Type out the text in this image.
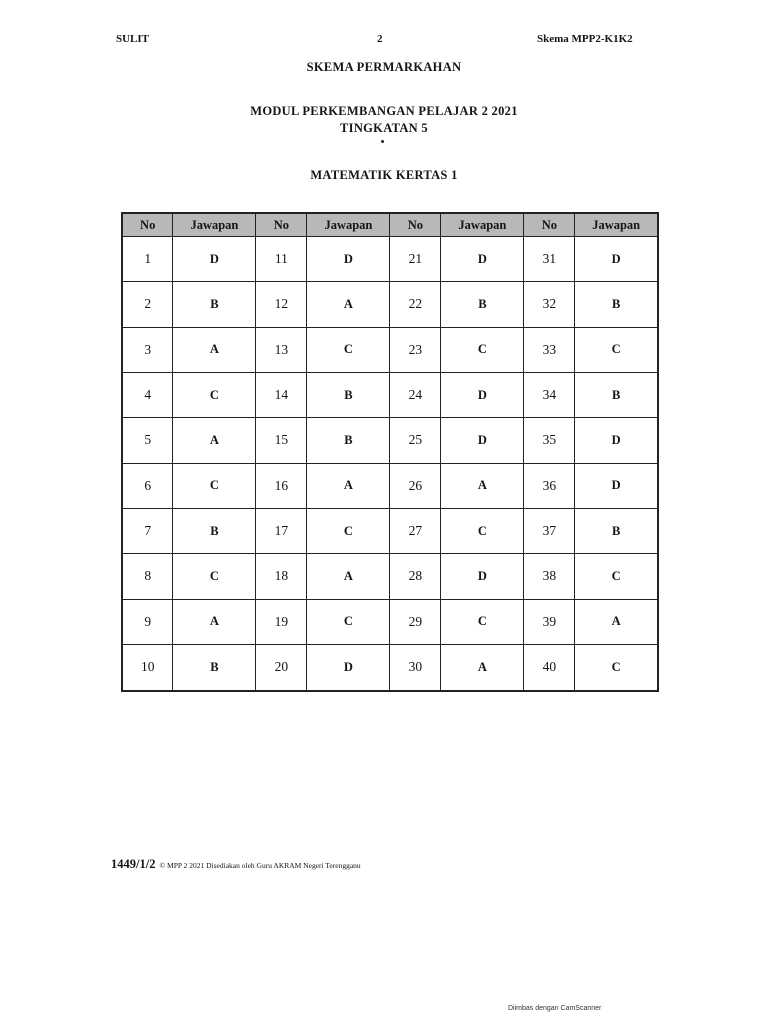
SULIT	2	Skema MPP2-K1K2
SKEMA PERMARKAHAN
MODUL PERKEMBANGAN PELAJAR 2 2021
TINGKATAN 5
MATEMATIK KERTAS 1
No	Jawapan	No	Jawapan	No	Jawapan	No	Jawapan
1	D	11	D	21	D	31	D
2	B	12	A	22	B	32	B
3	A	13	C	23	C	33	C
4	C	14	B	24	D	34	B
5	A	15	B	25	D	35	D
6	C	16	A	26	A	36	D
7	B	17	C	27	C	37	B
8	C	18	A	28	D	38	C
9	A	19	C	29	C	39	A
10	B	20	D	30	A	40	C
1449/1/2 © MPP 2 2021 Disediakan oleh Guru AKRAM Negeri Terengganu
Diimbas dengan CamScanner
